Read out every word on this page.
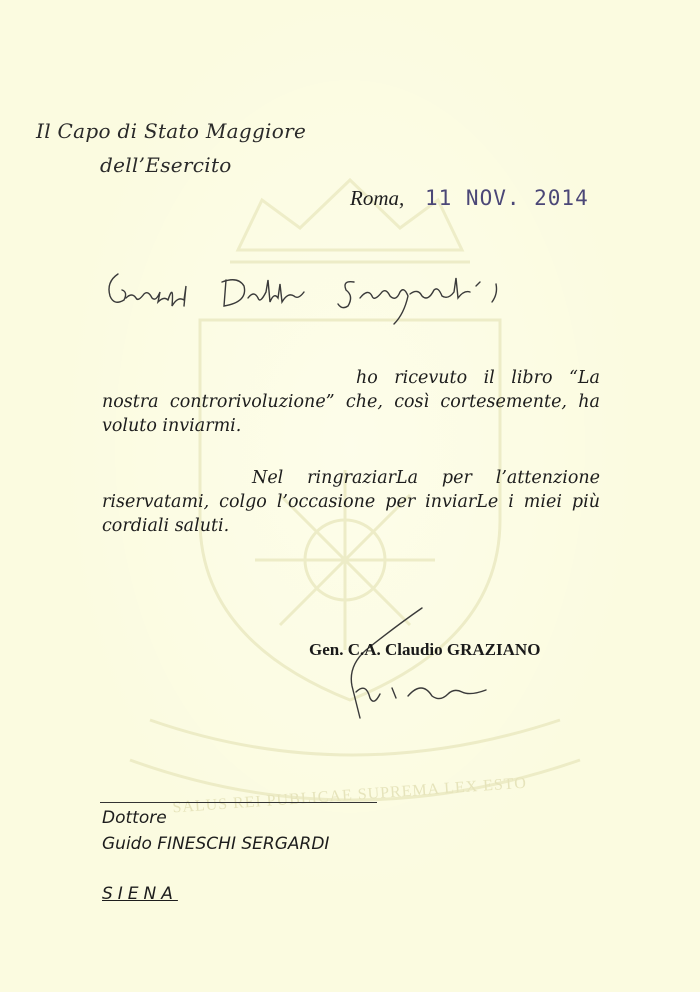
SALUS REI PUBLICAE SUPREMA LEX ESTO
Il Capo di Stato Maggiore
dell’Esercito
Roma, 11 NOV. 2014
ho ricevuto il libro “La nostra controrivoluzione” che, così cortesemente, ha voluto inviarmi.
Nel ringraziarLa per l’attenzione riservatami, colgo l’occasione per inviarLe i miei più cordiali saluti.
Gen. C.A. Claudio GRAZIANO
Dottore
Guido FINESCHI SERGARDI
SIENA
